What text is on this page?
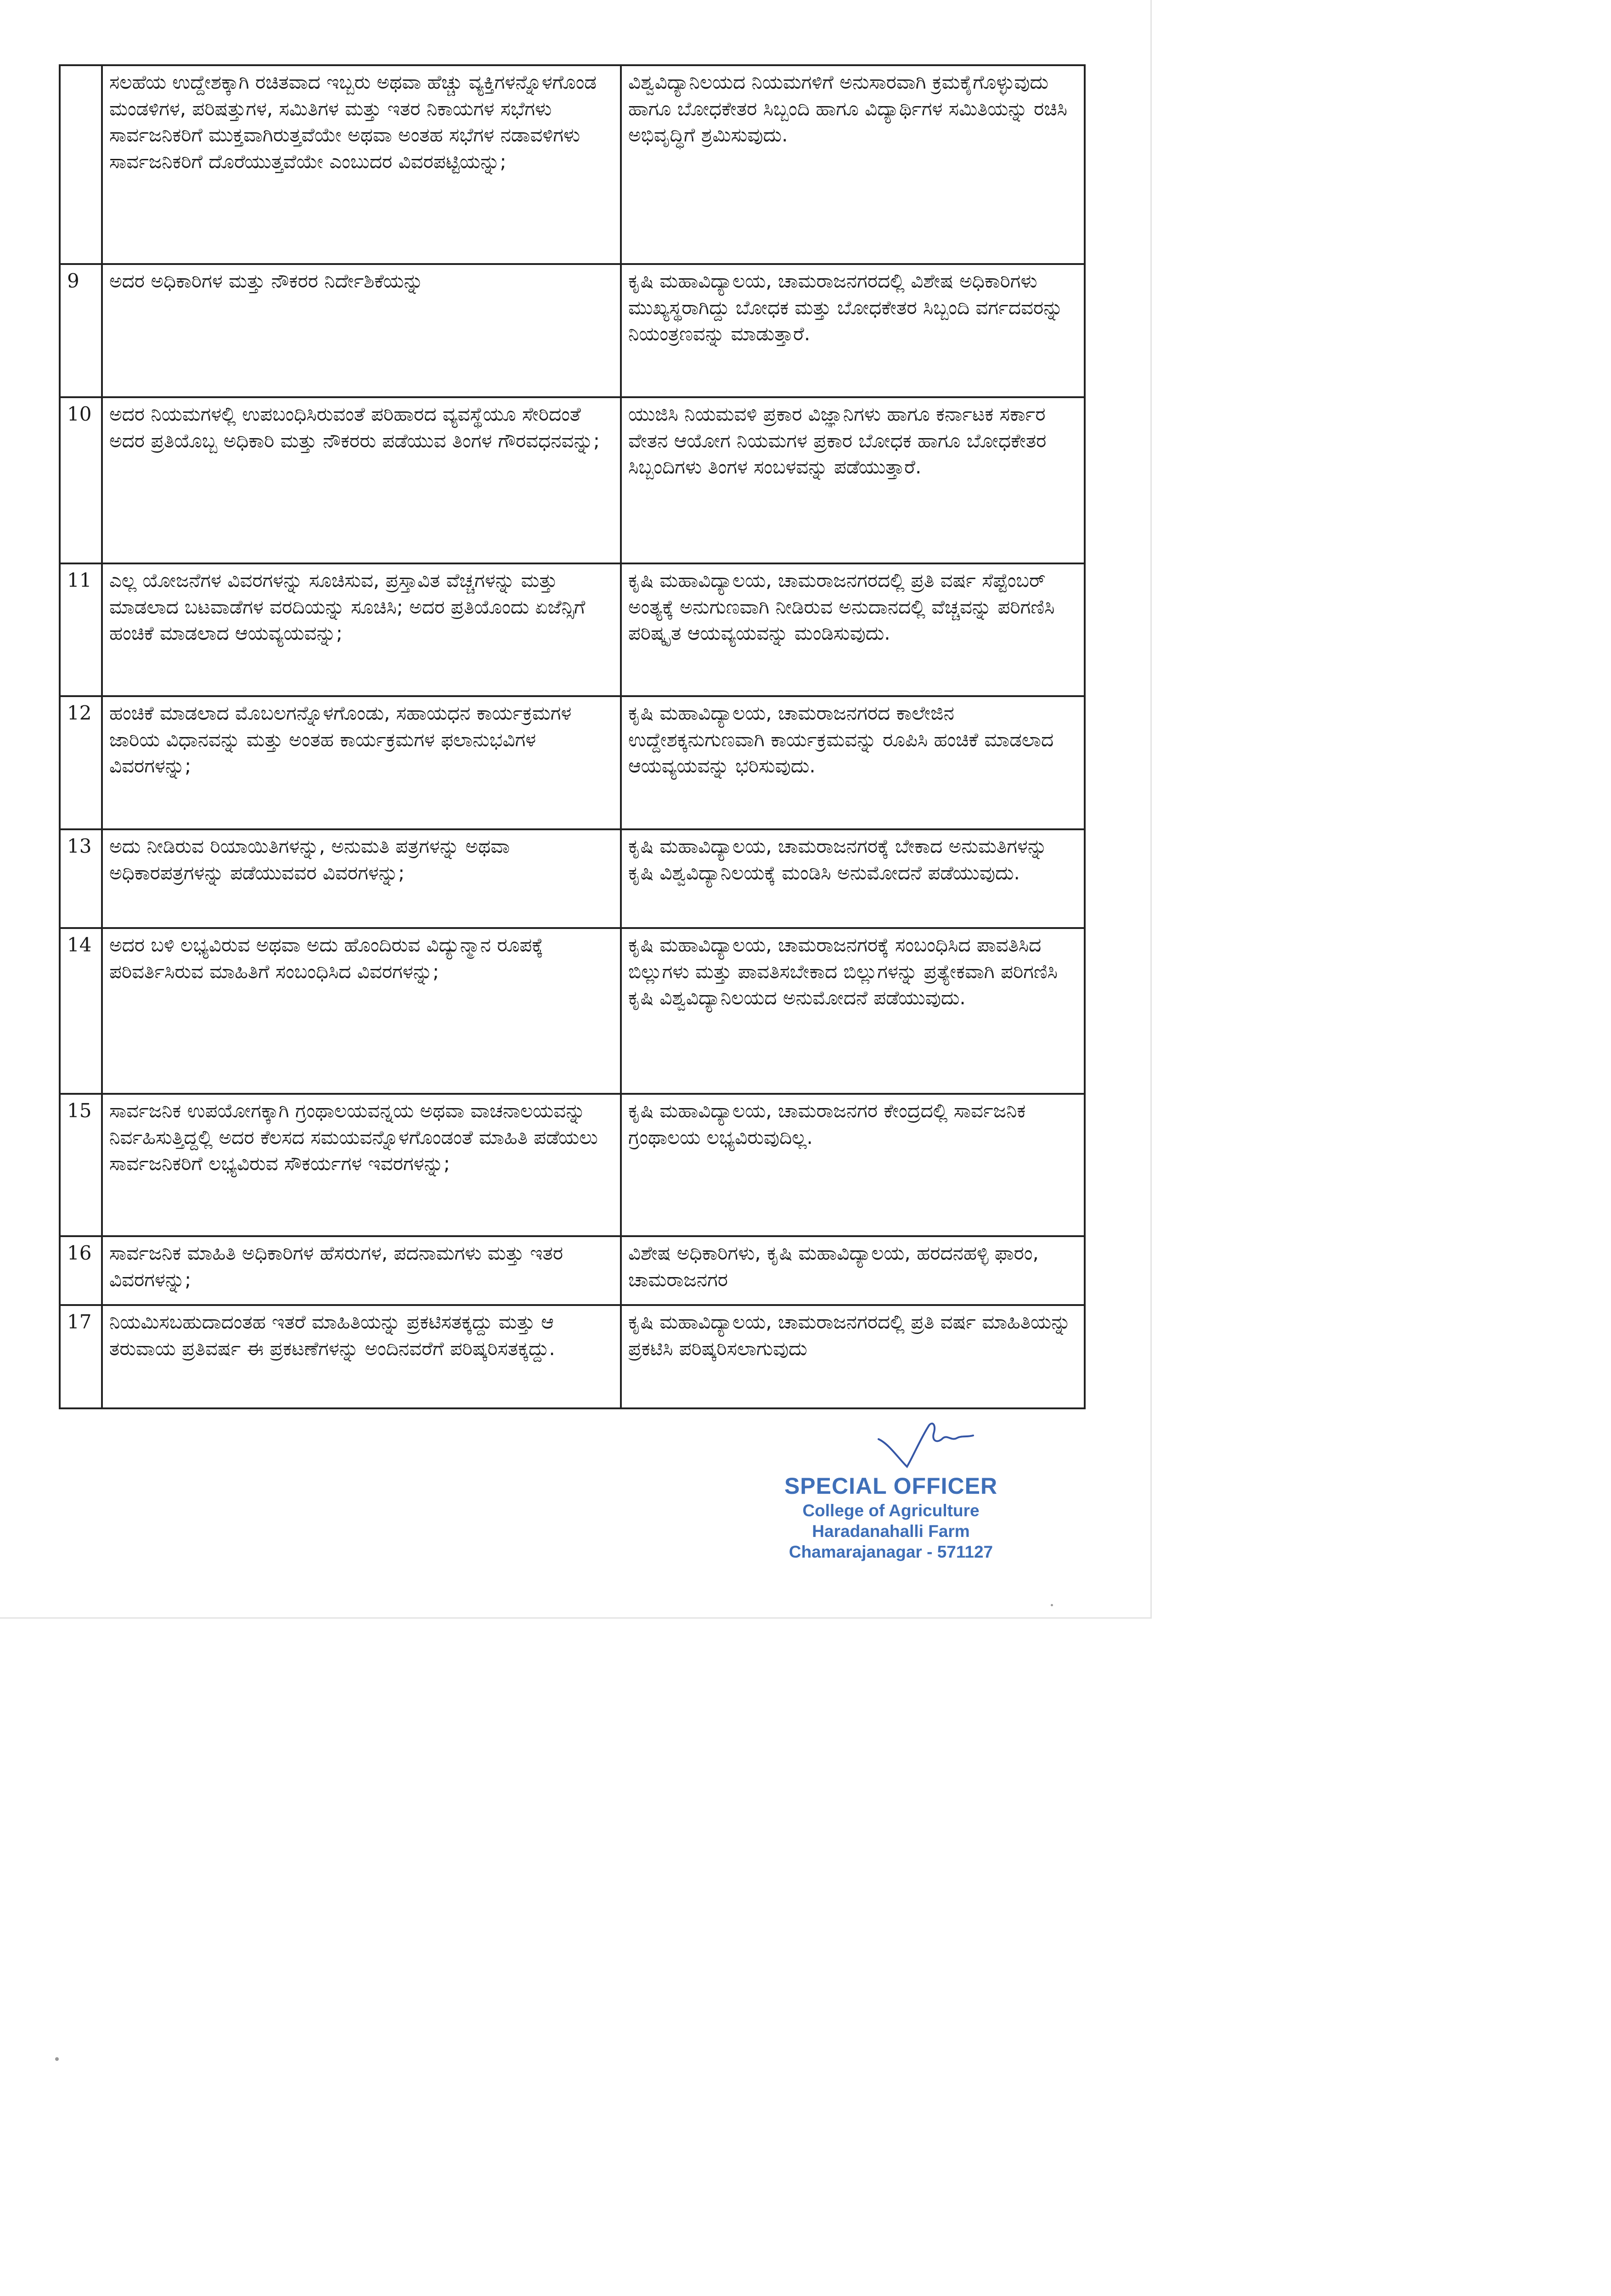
	ಸಲಹೆಯ ಉದ್ದೇಶಕ್ಕಾಗಿ ರಚಿತವಾದ ಇಬ್ಬರು ಅಥವಾ ಹೆಚ್ಚು ವ್ಯಕ್ತಿಗಳನ್ನೊಳಗೊಂಡ ಮಂಡಳಿಗಳ, ಪರಿಷತ್ತುಗಳ, ಸಮಿತಿಗಳ ಮತ್ತು ಇತರ ನಿಕಾಯಗಳ ಸಭೆಗಳು ಸಾರ್ವಜನಿಕರಿಗೆ ಮುಕ್ತವಾಗಿರುತ್ತವೆಯೇ ಅಥವಾ ಅಂತಹ ಸಭೆಗಳ ನಡಾವಳಿಗಳು ಸಾರ್ವಜನಿಕರಿಗೆ ದೊರೆಯುತ್ತವೆಯೇ ಎಂಬುದರ ವಿವರಪಟ್ಟಿಯನ್ನು;	ವಿಶ್ವವಿದ್ಯಾನಿಲಯದ ನಿಯಮಗಳಿಗೆ ಅನುಸಾರವಾಗಿ ಕ್ರಮಕೈಗೊಳ್ಳುವುದು ಹಾಗೂ ಬೋಧಕೇತರ ಸಿಬ್ಬಂದಿ ಹಾಗೂ ವಿದ್ಯಾರ್ಥಿಗಳ ಸಮಿತಿಯನ್ನು ರಚಿಸಿ ಅಭಿವೃದ್ಧಿಗೆ ಶ್ರಮಿಸುವುದು.
9	ಅದರ ಅಧಿಕಾರಿಗಳ ಮತ್ತು ನೌಕರರ ನಿರ್ದೇಶಿಕೆಯನ್ನು	ಕೃಷಿ ಮಹಾವಿದ್ಯಾಲಯ, ಚಾಮರಾಜನಗರದಲ್ಲಿ ವಿಶೇಷ ಅಧಿಕಾರಿಗಳು ಮುಖ್ಯಸ್ಥರಾಗಿದ್ದು ಬೋಧಕ ಮತ್ತು ಬೋಧಕೇತರ ಸಿಬ್ಬಂದಿ ವರ್ಗದವರನ್ನು ನಿಯಂತ್ರಣವನ್ನು ಮಾಡುತ್ತಾರೆ.
10	ಅದರ ನಿಯಮಗಳಲ್ಲಿ ಉಪಬಂಧಿಸಿರುವಂತೆ ಪರಿಹಾರದ ವ್ಯವಸ್ಥೆಯೂ ಸೇರಿದಂತೆ ಅದರ ಪ್ರತಿಯೊಬ್ಬ ಅಧಿಕಾರಿ ಮತ್ತು ನೌಕರರು ಪಡೆಯುವ ತಿಂಗಳ ಗೌರವಧನವನ್ನು;	ಯುಜಿಸಿ ನಿಯಮವಳಿ ಪ್ರಕಾರ ವಿಜ್ಞಾನಿಗಳು ಹಾಗೂ ಕರ್ನಾಟಕ ಸರ್ಕಾರ ವೇತನ ಆಯೋಗ ನಿಯಮಗಳ ಪ್ರಕಾರ ಬೋಧಕ ಹಾಗೂ ಬೋಧಕೇತರ ಸಿಬ್ಬಂದಿಗಳು ತಿಂಗಳ ಸಂಬಳವನ್ನು ಪಡೆಯುತ್ತಾರೆ.
11	ಎಲ್ಲ ಯೋಜನೆಗಳ ವಿವರಗಳನ್ನು ಸೂಚಿಸುವ, ಪ್ರಸ್ತಾವಿತ ವೆಚ್ಚಗಳನ್ನು ಮತ್ತು ಮಾಡಲಾದ ಬಟವಾಡೆಗಳ ವರದಿಯನ್ನು ಸೂಚಿಸಿ; ಅದರ ಪ್ರತಿಯೊಂದು ಏಜೆನ್ಸಿಗೆ ಹಂಚಿಕೆ ಮಾಡಲಾದ ಆಯವ್ಯಯವನ್ನು;	ಕೃಷಿ ಮಹಾವಿದ್ಯಾಲಯ, ಚಾಮರಾಜನಗರದಲ್ಲಿ ಪ್ರತಿ ವರ್ಷ ಸೆಪ್ಟೆಂಬರ್ ಅಂತ್ಯಕ್ಕೆ ಅನುಗುಣವಾಗಿ ನೀಡಿರುವ ಅನುದಾನದಲ್ಲಿ ವೆಚ್ಚವನ್ನು ಪರಿಗಣಿಸಿ ಪರಿಷ್ಕೃತ ಆಯವ್ಯಯವನ್ನು ಮಂಡಿಸುವುದು.
12	ಹಂಚಿಕೆ ಮಾಡಲಾದ ಮೊಬಲಗನ್ನೊಳಗೊಂಡು, ಸಹಾಯಧನ ಕಾರ್ಯಕ್ರಮಗಳ ಜಾರಿಯ ವಿಧಾನವನ್ನು ಮತ್ತು ಅಂತಹ ಕಾರ್ಯಕ್ರಮಗಳ ಫಲಾನುಭವಿಗಳ ವಿವರಗಳನ್ನು;	ಕೃಷಿ ಮಹಾವಿದ್ಯಾಲಯ, ಚಾಮರಾಜನಗರದ ಕಾಲೇಜಿನ ಉದ್ದೇಶಕ್ಕನುಗುಣವಾಗಿ ಕಾರ್ಯಕ್ರಮವನ್ನು ರೂಪಿಸಿ ಹಂಚಿಕೆ ಮಾಡಲಾದ ಆಯವ್ಯಯವನ್ನು ಭರಿಸುವುದು.
13	ಅದು ನೀಡಿರುವ ರಿಯಾಯಿತಿಗಳನ್ನು, ಅನುಮತಿ ಪತ್ರಗಳನ್ನು ಅಥವಾ ಅಧಿಕಾರಪತ್ರಗಳನ್ನು ಪಡೆಯುವವರ ವಿವರಗಳನ್ನು;	ಕೃಷಿ ಮಹಾವಿದ್ಯಾಲಯ, ಚಾಮರಾಜನಗರಕ್ಕೆ ಬೇಕಾದ ಅನುಮತಿಗಳನ್ನು ಕೃಷಿ ವಿಶ್ವವಿದ್ಯಾನಿಲಯಕ್ಕೆ ಮಂಡಿಸಿ ಅನುಮೋದನೆ ಪಡೆಯುವುದು.
14	ಅದರ ಬಳಿ ಲಭ್ಯವಿರುವ ಅಥವಾ ಅದು ಹೊಂದಿರುವ ವಿದ್ಯುನ್ಮಾನ ರೂಪಕ್ಕೆ ಪರಿವರ್ತಿಸಿರುವ ಮಾಹಿತಿಗೆ ಸಂಬಂಧಿಸಿದ ವಿವರಗಳನ್ನು;	ಕೃಷಿ ಮಹಾವಿದ್ಯಾಲಯ, ಚಾಮರಾಜನಗರಕ್ಕೆ ಸಂಬಂಧಿಸಿದ ಪಾವತಿಸಿದ ಬಿಲ್ಲುಗಳು ಮತ್ತು ಪಾವತಿಸಬೇಕಾದ ಬಿಲ್ಲುಗಳನ್ನು ಪ್ರತ್ಯೇಕವಾಗಿ ಪರಿಗಣಿಸಿ ಕೃಷಿ ವಿಶ್ವವಿದ್ಯಾನಿಲಯದ ಅನುಮೋದನೆ ಪಡೆಯುವುದು.
15	ಸಾರ್ವಜನಿಕ ಉಪಯೋಗಕ್ಕಾಗಿ ಗ್ರಂಥಾಲಯವನ್ನಯ ಅಥವಾ ವಾಚನಾಲಯವನ್ನು ನಿರ್ವಹಿಸುತ್ತಿದ್ದಲ್ಲಿ ಅದರ ಕೆಲಸದ ಸಮಯವನ್ನೊಳಗೊಂಡಂತೆ ಮಾಹಿತಿ ಪಡೆಯಲು ಸಾರ್ವಜನಿಕರಿಗೆ ಲಭ್ಯವಿರುವ ಸೌಕರ್ಯಗಳ ಇವರಗಳನ್ನು;	ಕೃಷಿ ಮಹಾವಿದ್ಯಾಲಯ, ಚಾಮರಾಜನಗರ ಕೇಂದ್ರದಲ್ಲಿ ಸಾರ್ವಜನಿಕ ಗ್ರಂಥಾಲಯ ಲಭ್ಯವಿರುವುದಿಲ್ಲ.
16	ಸಾರ್ವಜನಿಕ ಮಾಹಿತಿ ಅಧಿಕಾರಿಗಳ ಹೆಸರುಗಳ, ಪದನಾಮಗಳು ಮತ್ತು ಇತರ ವಿವರಗಳನ್ನು;	ವಿಶೇಷ ಅಧಿಕಾರಿಗಳು, ಕೃಷಿ ಮಹಾವಿದ್ಯಾಲಯ, ಹರದನಹಳ್ಳಿ ಫಾರಂ, ಚಾಮರಾಜನಗರ
17	ನಿಯಮಿಸಬಹುದಾದಂತಹ ಇತರೆ ಮಾಹಿತಿಯನ್ನು ಪ್ರಕಟಿಸತಕ್ಕದ್ದು ಮತ್ತು ಆ ತರುವಾಯ ಪ್ರತಿವರ್ಷ ಈ ಪ್ರಕಟಣೆಗಳನ್ನು ಅಂದಿನವರೆಗೆ ಪರಿಷ್ಕರಿಸತಕ್ಕದ್ದು.	ಕೃಷಿ ಮಹಾವಿದ್ಯಾಲಯ, ಚಾಮರಾಜನಗರದಲ್ಲಿ ಪ್ರತಿ ವರ್ಷ ಮಾಹಿತಿಯನ್ನು ಪ್ರಕಟಿಸಿ ಪರಿಷ್ಕರಿಸಲಾಗುವುದು
SPECIAL OFFICER
College of Agriculture
Haradanahalli Farm
Chamarajanagar - 571127
